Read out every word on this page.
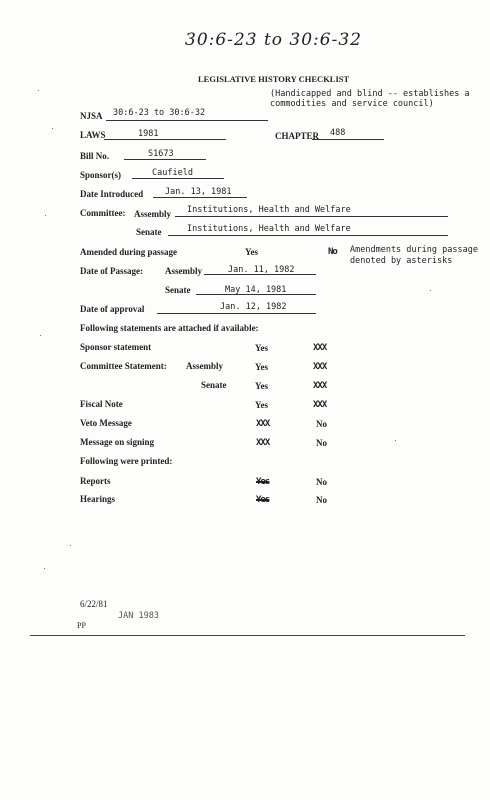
30:6-23 to 30:6-32
LEGISLATIVE HISTORY CHECKLIST
(Handicapped and blind -- establishes a
commodities and service council)
NJSA 30:6-23 to 30:6-32
LAWS	1981	CHAPTER 488
Bill No.	S1673
Sponsor(s)	Caufield
Date Introduced	Jan. 13, 1981
Committee: Assembly Institutions, Health and Welfare
Senate	Institutions, Health and Welfare
Amended during passage	Yes	No Amendments during passage
denoted by asterisks
Date of Passage: Assembly	Jan. 11, 1982
Senate	May 14, 1981
Date of approval	Jan. 12, 1982
Following statements are attached if available:
Sponsor statement	Yes	XXX
Committee Statement: Assembly	Yes	XXX
Senate	Yes	XXX
Fiscal Note	Yes	XXX
Veto Message	XXX	No
Message on signing	XXX	No
Following were printed:
Reports	Yes	No
Hearings	Yes	No
6/22/81
PP
JAN 1983
